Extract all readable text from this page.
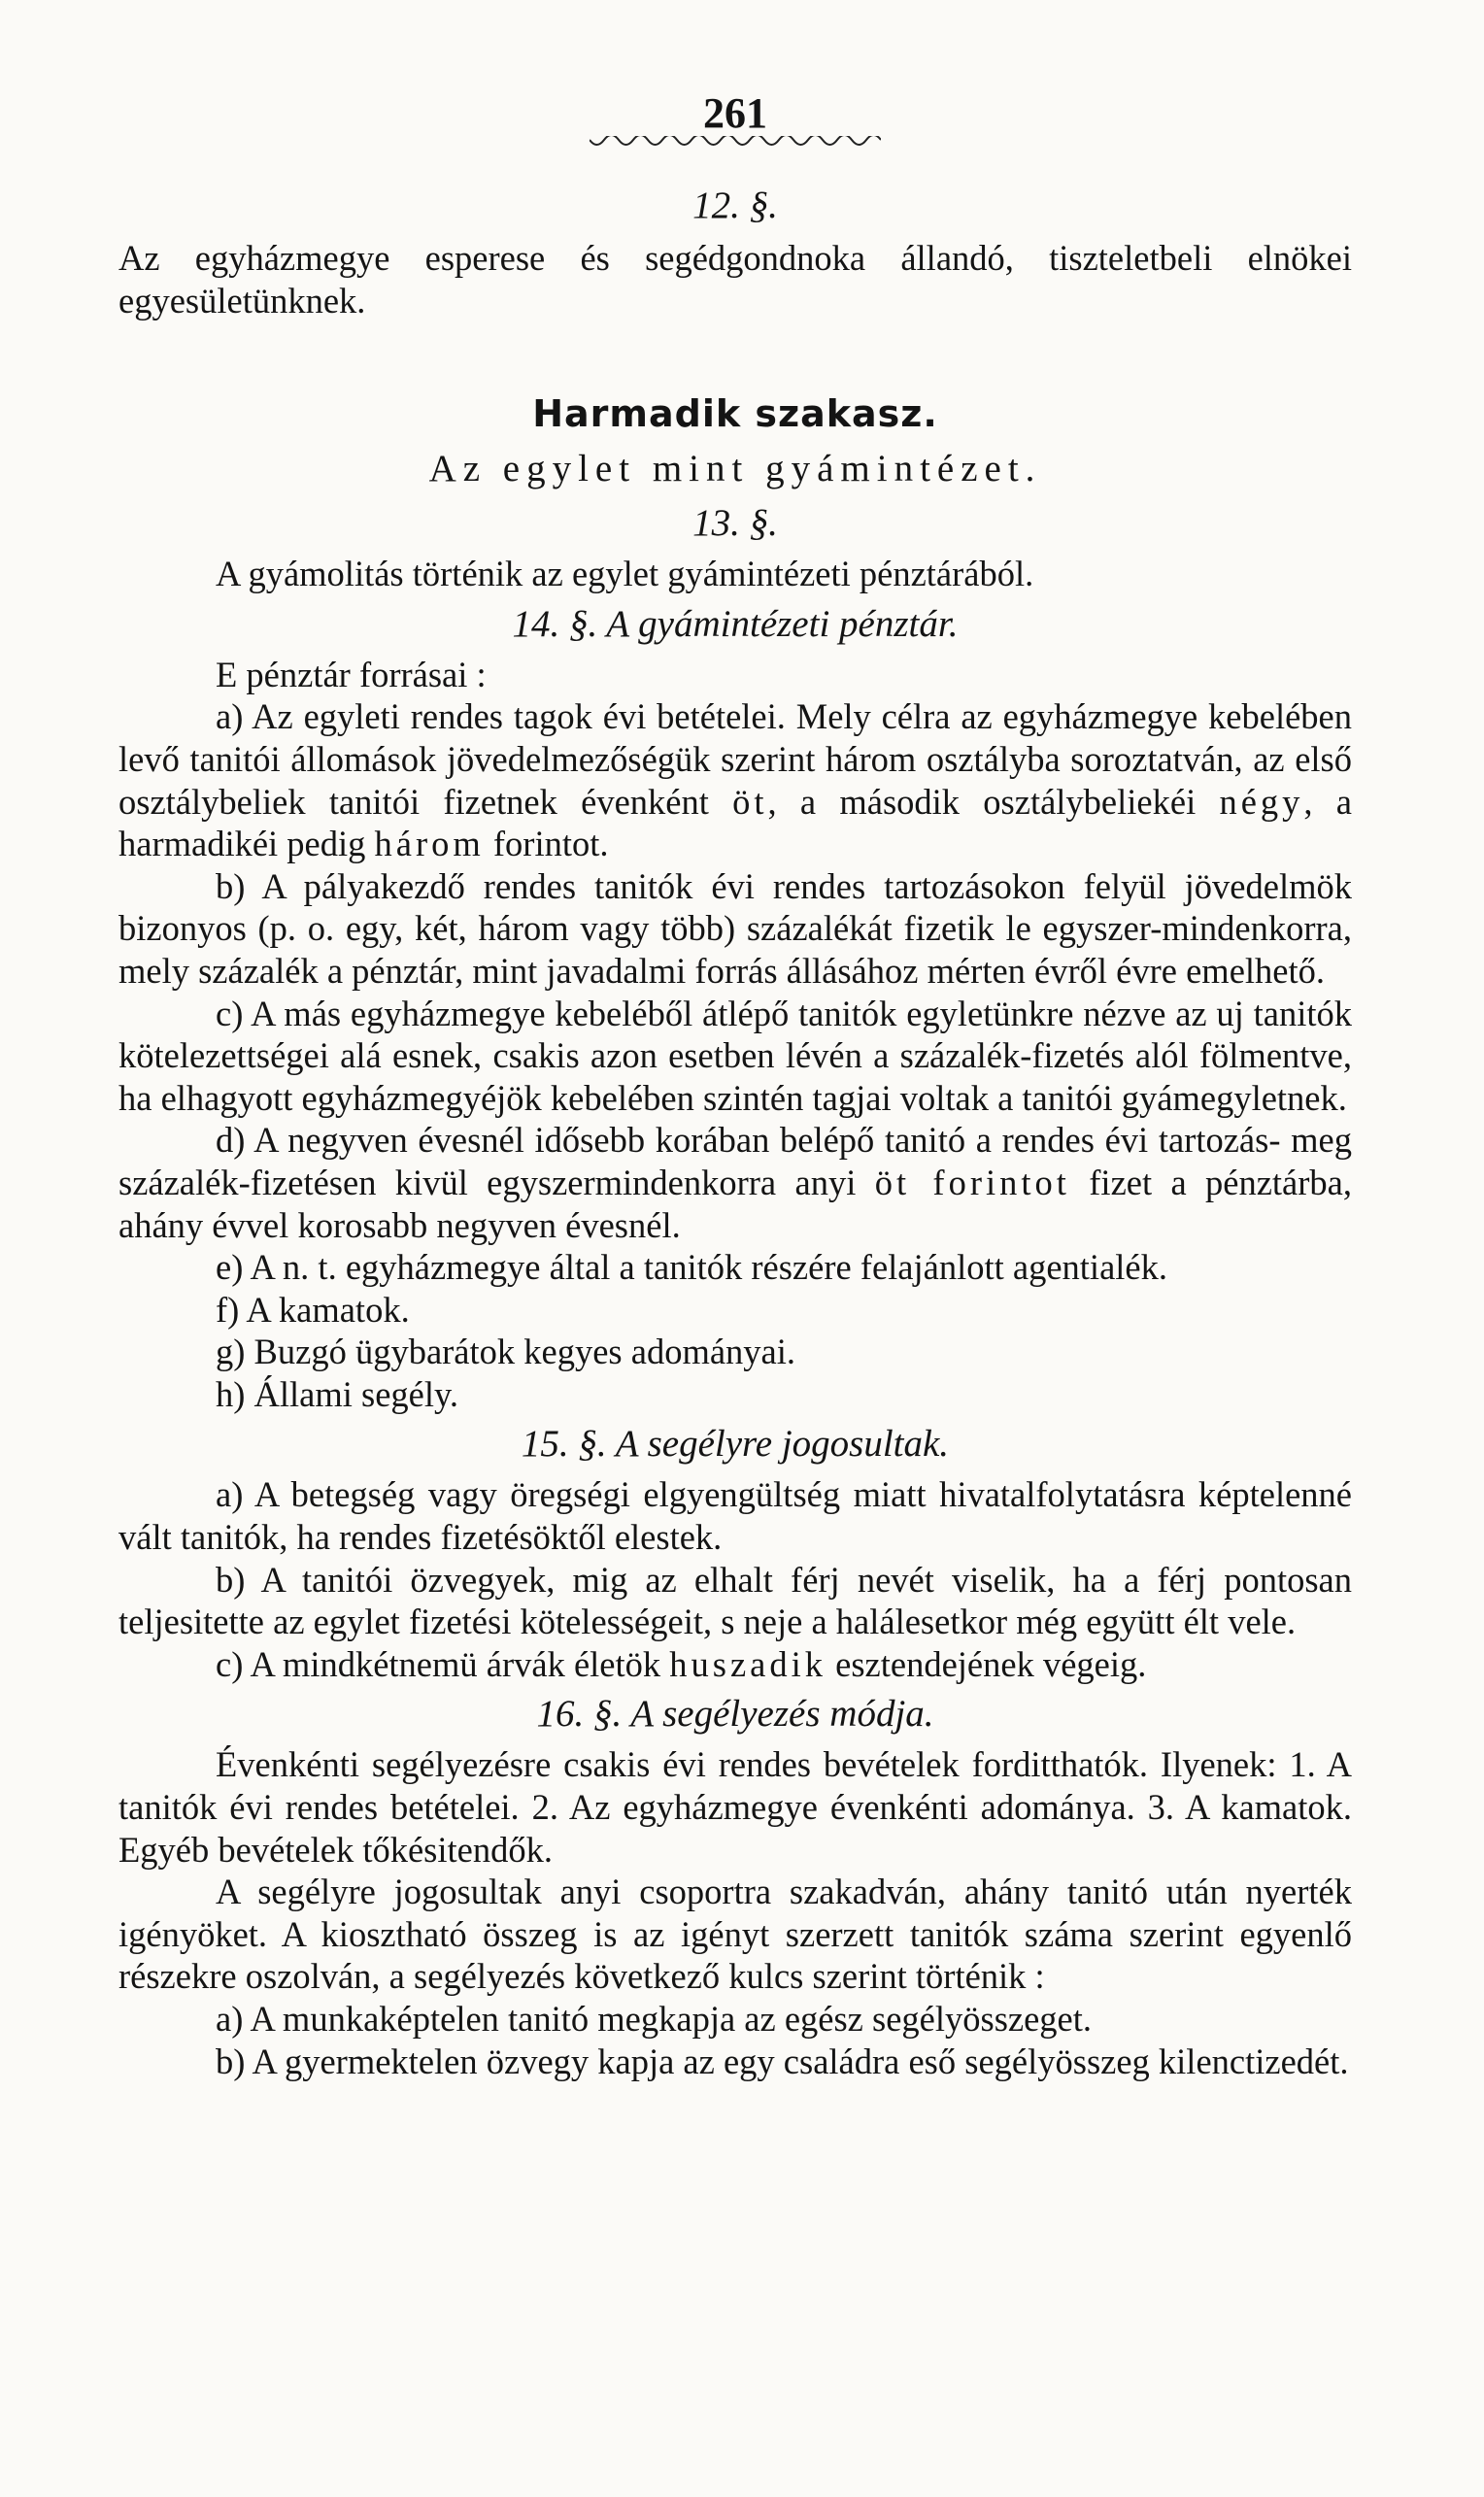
261
12. §.

Az egyházmegye esperese és segédgondnoka állandó, tiszteletbeli elnökei egyesületünknek.

Harmadik szakasz.
Az egylet mint gyámintézet.
13. §.

A gyámolitás történik az egylet gyámintézeti pénztárából.

14. §. A gyámintézeti pénztár.

E pénztár forrásai :

a) Az egyleti rendes tagok évi betételei. Mely célra az egyházmegye kebelében levő tanitói állomások jövedelmezőségük szerint három osztályba soroztatván, az első osztálybeliek tanitói fizetnek évenként öt, a második osztálybeliekéi négy, a harmadikéi pedig három forintot.

b) A pályakezdő rendes tanitók évi rendes tartozásokon felyül jövedelmök bizonyos (p. o. egy, két, három vagy több) százalékát fizetik le egyszer-mindenkorra, mely százalék a pénztár, mint javadalmi forrás állásához mérten évről évre emelhető.

c) A más egyházmegye kebeléből átlépő tanitók egyletünkre nézve az uj tanitók kötelezettségei alá esnek, csakis azon esetben lévén a százalék-fizetés alól fölmentve, ha elhagyott egyházmegyéjök kebelében szintén tagjai voltak a tanitói gyámegyletnek.

d) A negyven évesnél idősebb korában belépő tanitó a rendes évi tartozás- meg százalék-fizetésen kivül egyszermindenkorra anyi öt forintot fizet a pénztárba, ahány évvel korosabb negyven évesnél.

e) A n. t. egyházmegye által a tanitók részére felajánlott agentialék.

f) A kamatok.

g) Buzgó ügybarátok kegyes adományai.

h) Állami segély.

15. §. A segélyre jogosultak.

a) A betegség vagy öregségi elgyengültség miatt hivatalfolytatásra képtelenné vált tanitók, ha rendes fizetésöktől elestek.

b) A tanitói özvegyek, mig az elhalt férj nevét viselik, ha a férj pontosan teljesitette az egylet fizetési kötelességeit, s neje a halálesetkor még együtt élt vele.

c) A mindkétnemü árvák életök huszadik esztendejének végeig.

16. §. A segélyezés módja.

Évenkénti segélyezésre csakis évi rendes bevételek forditthatók. Ilyenek: 1. A tanitók évi rendes betételei. 2. Az egyházmegye évenkénti adománya. 3. A kamatok. Egyéb bevételek tőkésitendők.

A segélyre jogosultak anyi csoportra szakadván, ahány tanitó után nyerték igényöket. A kiosztható összeg is az igényt szerzett tanitók száma szerint egyenlő részekre oszolván, a segélyezés következő kulcs szerint történik :

a) A munkaképtelen tanitó megkapja az egész segélyösszeget.

b) A gyermektelen özvegy kapja az egy családra eső segélyösszeg kilenctizedét.
